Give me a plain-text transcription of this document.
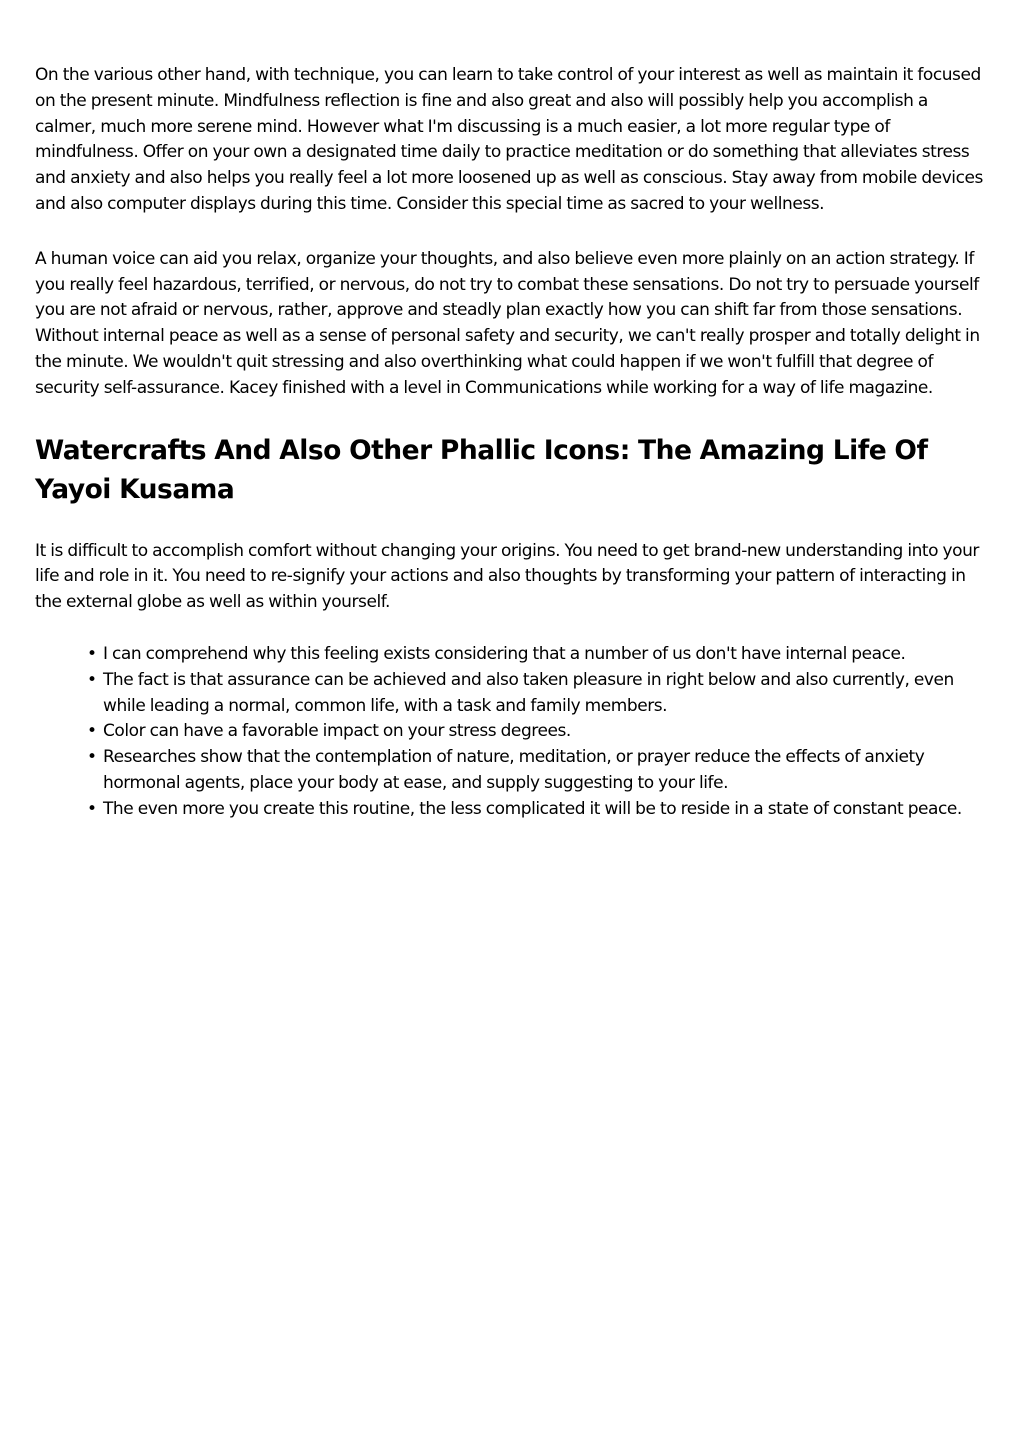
On the various other hand, with technique, you can learn to take control of your interest as well as maintain it focused on the present minute. Mindfulness reflection is fine and also great and also will possibly help you accomplish a calmer, much more serene mind. However what I'm discussing is a much easier, a lot more regular type of mindfulness. Offer on your own a designated time daily to practice meditation or do something that alleviates stress and anxiety and also helps you really feel a lot more loosened up as well as conscious. Stay away from mobile devices and also computer displays during this time. Consider this special time as sacred to your wellness.

A human voice can aid you relax, organize your thoughts, and also believe even more plainly on an action strategy. If you really feel hazardous, terrified, or nervous, do not try to combat these sensations. Do not try to persuade yourself you are not afraid or nervous, rather, approve and steadly plan exactly how you can shift far from those sensations. Without internal peace as well as a sense of personal safety and security, we can't really prosper and totally delight in the minute. We wouldn't quit stressing and also overthinking what could happen if we won't fulfill that degree of security self-assurance. Kacey finished with a level in Communications while working for a way of life magazine.

Watercrafts And Also Other Phallic Icons: The Amazing Life Of Yayoi Kusama

It is difficult to accomplish comfort without changing your origins. You need to get brand-new understanding into your life and role in it. You need to re-signify your actions and also thoughts by transforming your pattern of interacting in the external globe as well as within yourself.

• I can comprehend why this feeling exists considering that a number of us don't have internal peace.
• The fact is that assurance can be achieved and also taken pleasure in right below and also currently, even while leading a normal, common life, with a task and family members.
• Color can have a favorable impact on your stress degrees.
• Researches show that the contemplation of nature, meditation, or prayer reduce the effects of anxiety hormonal agents, place your body at ease, and supply suggesting to your life.
• The even more you create this routine, the less complicated it will be to reside in a state of constant peace.
